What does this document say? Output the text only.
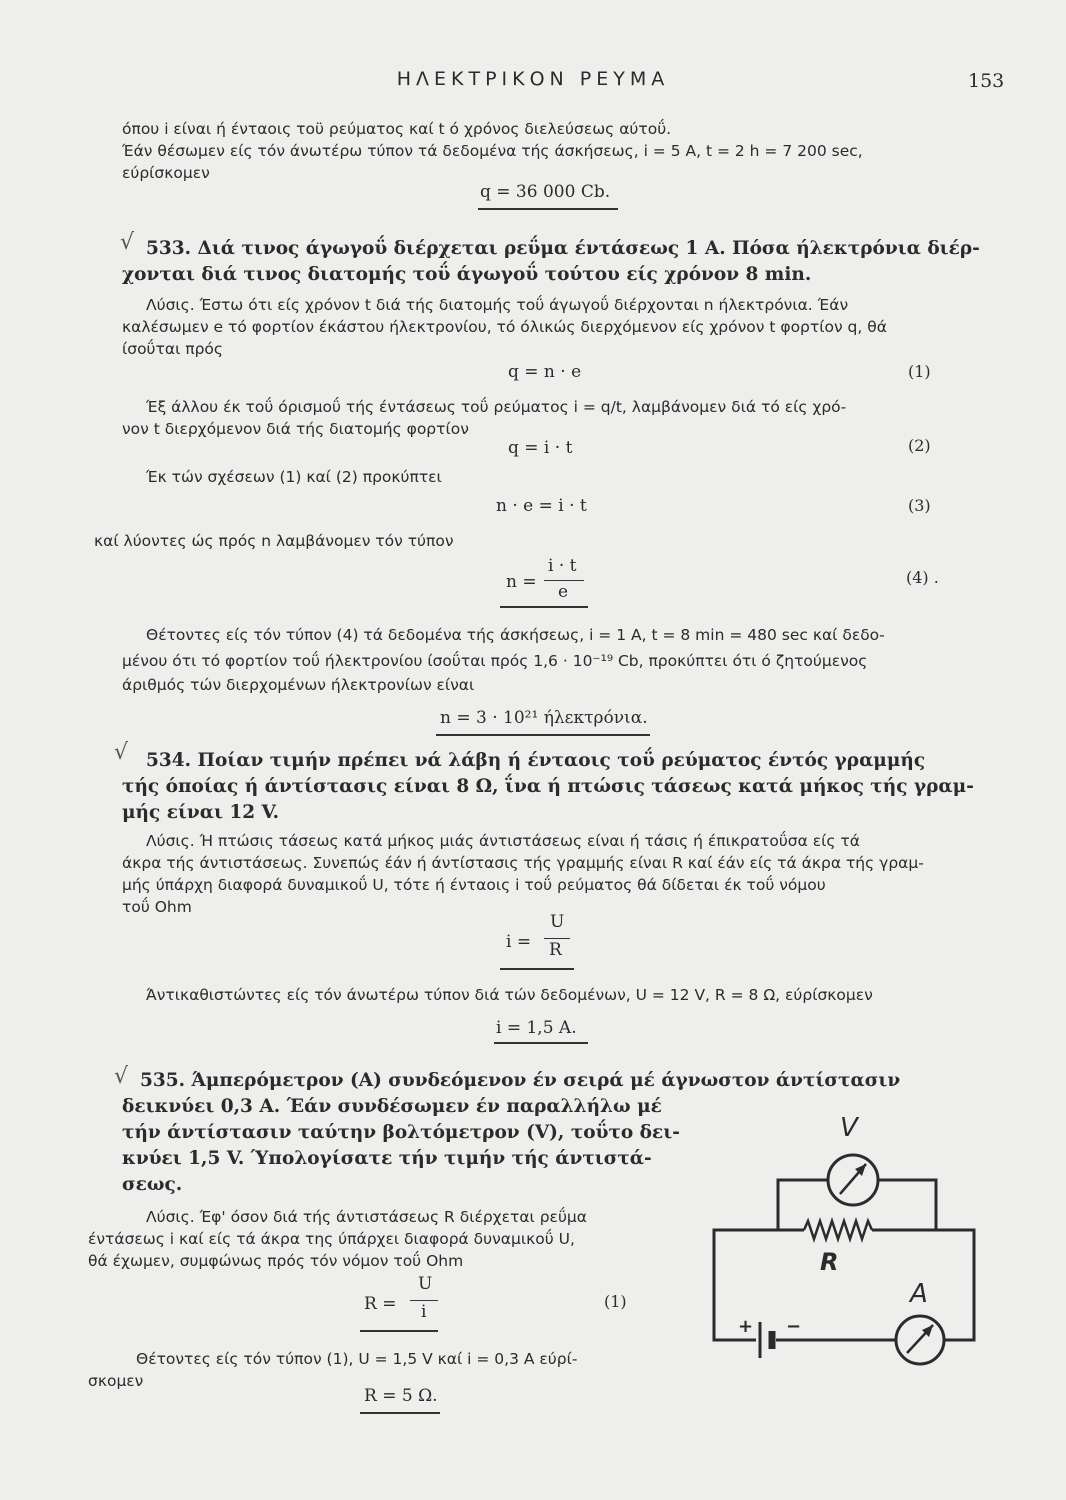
ΗΛΕΚΤΡΙΚΟΝ ΡΕΥΜΑ	153
όπου i είναι ή ένταοις τοϋ ρεύματος καί t ό χρόνος διελεύσεως αύτοΰ.
Έάν θέσωμεν είς τόν άνωτέρω τύπον τά δεδομένα τής άσκήσεως, i = 5 A, t = 2 h = 7 200 sec,
εύρίσκομεν
q = 36 000 Cb.
√ 533. Διά τινος άγωγοΰ διέρχεται ρεΰμα έντάσεως 1 Α. Πόσα ήλεκτρόνια διέρ-
χονται διά τινος διατομής τοΰ άγωγοΰ τούτου είς χρόνον 8 min.
Λύσις. Έστω ότι είς χρόνον t διά τής διατομής τοΰ άγωγοΰ διέρχονται n ήλεκτρόνια. Έάν
καλέσωμεν e τό φορτίον έκάστου ήλεκτρονίου, τό όλικώς διερχόμενον είς χρόνον t φορτίον q, θά
ίσοΰται πρός
q = n · e	(1)
Έξ άλλου έκ τοΰ όρισμοΰ τής έντάσεως τοΰ ρεύματος i = q/t, λαμβάνομεν διά τό είς χρό-
νον t διερχόμενον διά τής διατομής φορτίον
q = i · t	(2)
Έκ τών σχέσεων (1) καί (2) προκύπτει
n · e = i · t	(3)
καί λύοντες ώς πρός n λαμβάνομεν τόν τύπον
n =
i · t
e
(4) .
Θέτοντες είς τόν τύπον (4) τά δεδομένα τής άσκήσεως, i = 1 A, t = 8 min = 480 sec καί δεδο-
μένου ότι τό φορτίον τοΰ ήλεκτρονίου ίσοΰται πρός 1,6 · 10⁻¹⁹ Cb, προκύπτει ότι ό ζητούμενος
άριθμός τών διερχομένων ήλεκτρονίων είναι
n = 3 · 10²¹ ήλεκτρόνια.
√ 534. Ποίαν τιμήν πρέπει νά λάβη ή ένταοις τοΰ ρεύματος έντός γραμμής
τής όποίας ή άντίστασις είναι 8 Ω, ΐνα ή πτώσις τάσεως κατά μήκος τής γραμ-
μής είναι 12 V.
Λύσις. Ή πτώσις τάσεως κατά μήκος μιάς άντιστάσεως είναι ή τάσις ή έπικρατοΰσα είς τά
άκρα τής άντιστάσεως. Συνεπώς έάν ή άντίστασις τής γραμμής είναι R καί έάν είς τά άκρα τής γραμ-
μής ύπάρχη διαφορά δυναμικοΰ U, τότε ή ένταοις i τοΰ ρεύματος θά δίδεται έκ τοΰ νόμου
τοΰ Ohm
i =
U
R
Άντικαθιστώντες είς τόν άνωτέρω τύπον διά τών δεδομένων, U = 12 V, R = 8 Ω, εύρίσκομεν
i = 1,5 A.
√ 535. Άμπερόμετρον (Α) συνδεόμενον έν σειρά μέ άγνωστον άντίστασιν
δεικνύει 0,3 Α. Έάν συνδέσωμεν έν παραλλήλω μέ
τήν άντίστασιν ταύτην βολτόμετρον (V), τοΰτο δει-
κνύει 1,5 V. Ύπολογίσατε τήν τιμήν τής άντιστά-
σεως.
Λύσις. Έφ' όσον διά τής άντιστάσεως R διέρχεται ρεΰμα
έντάσεως i καί είς τά άκρα της ύπάρχει διαφορά δυναμικοΰ U,
θά έχωμεν, συμφώνως πρός τόν νόμον τοΰ Ohm
R =
U
i
(1)
Θέτοντες είς τόν τύπον (1), U = 1,5 V καί i = 0,3 A εύρί-
σκομεν
R = 5 Ω.
V
R
A
+ −
